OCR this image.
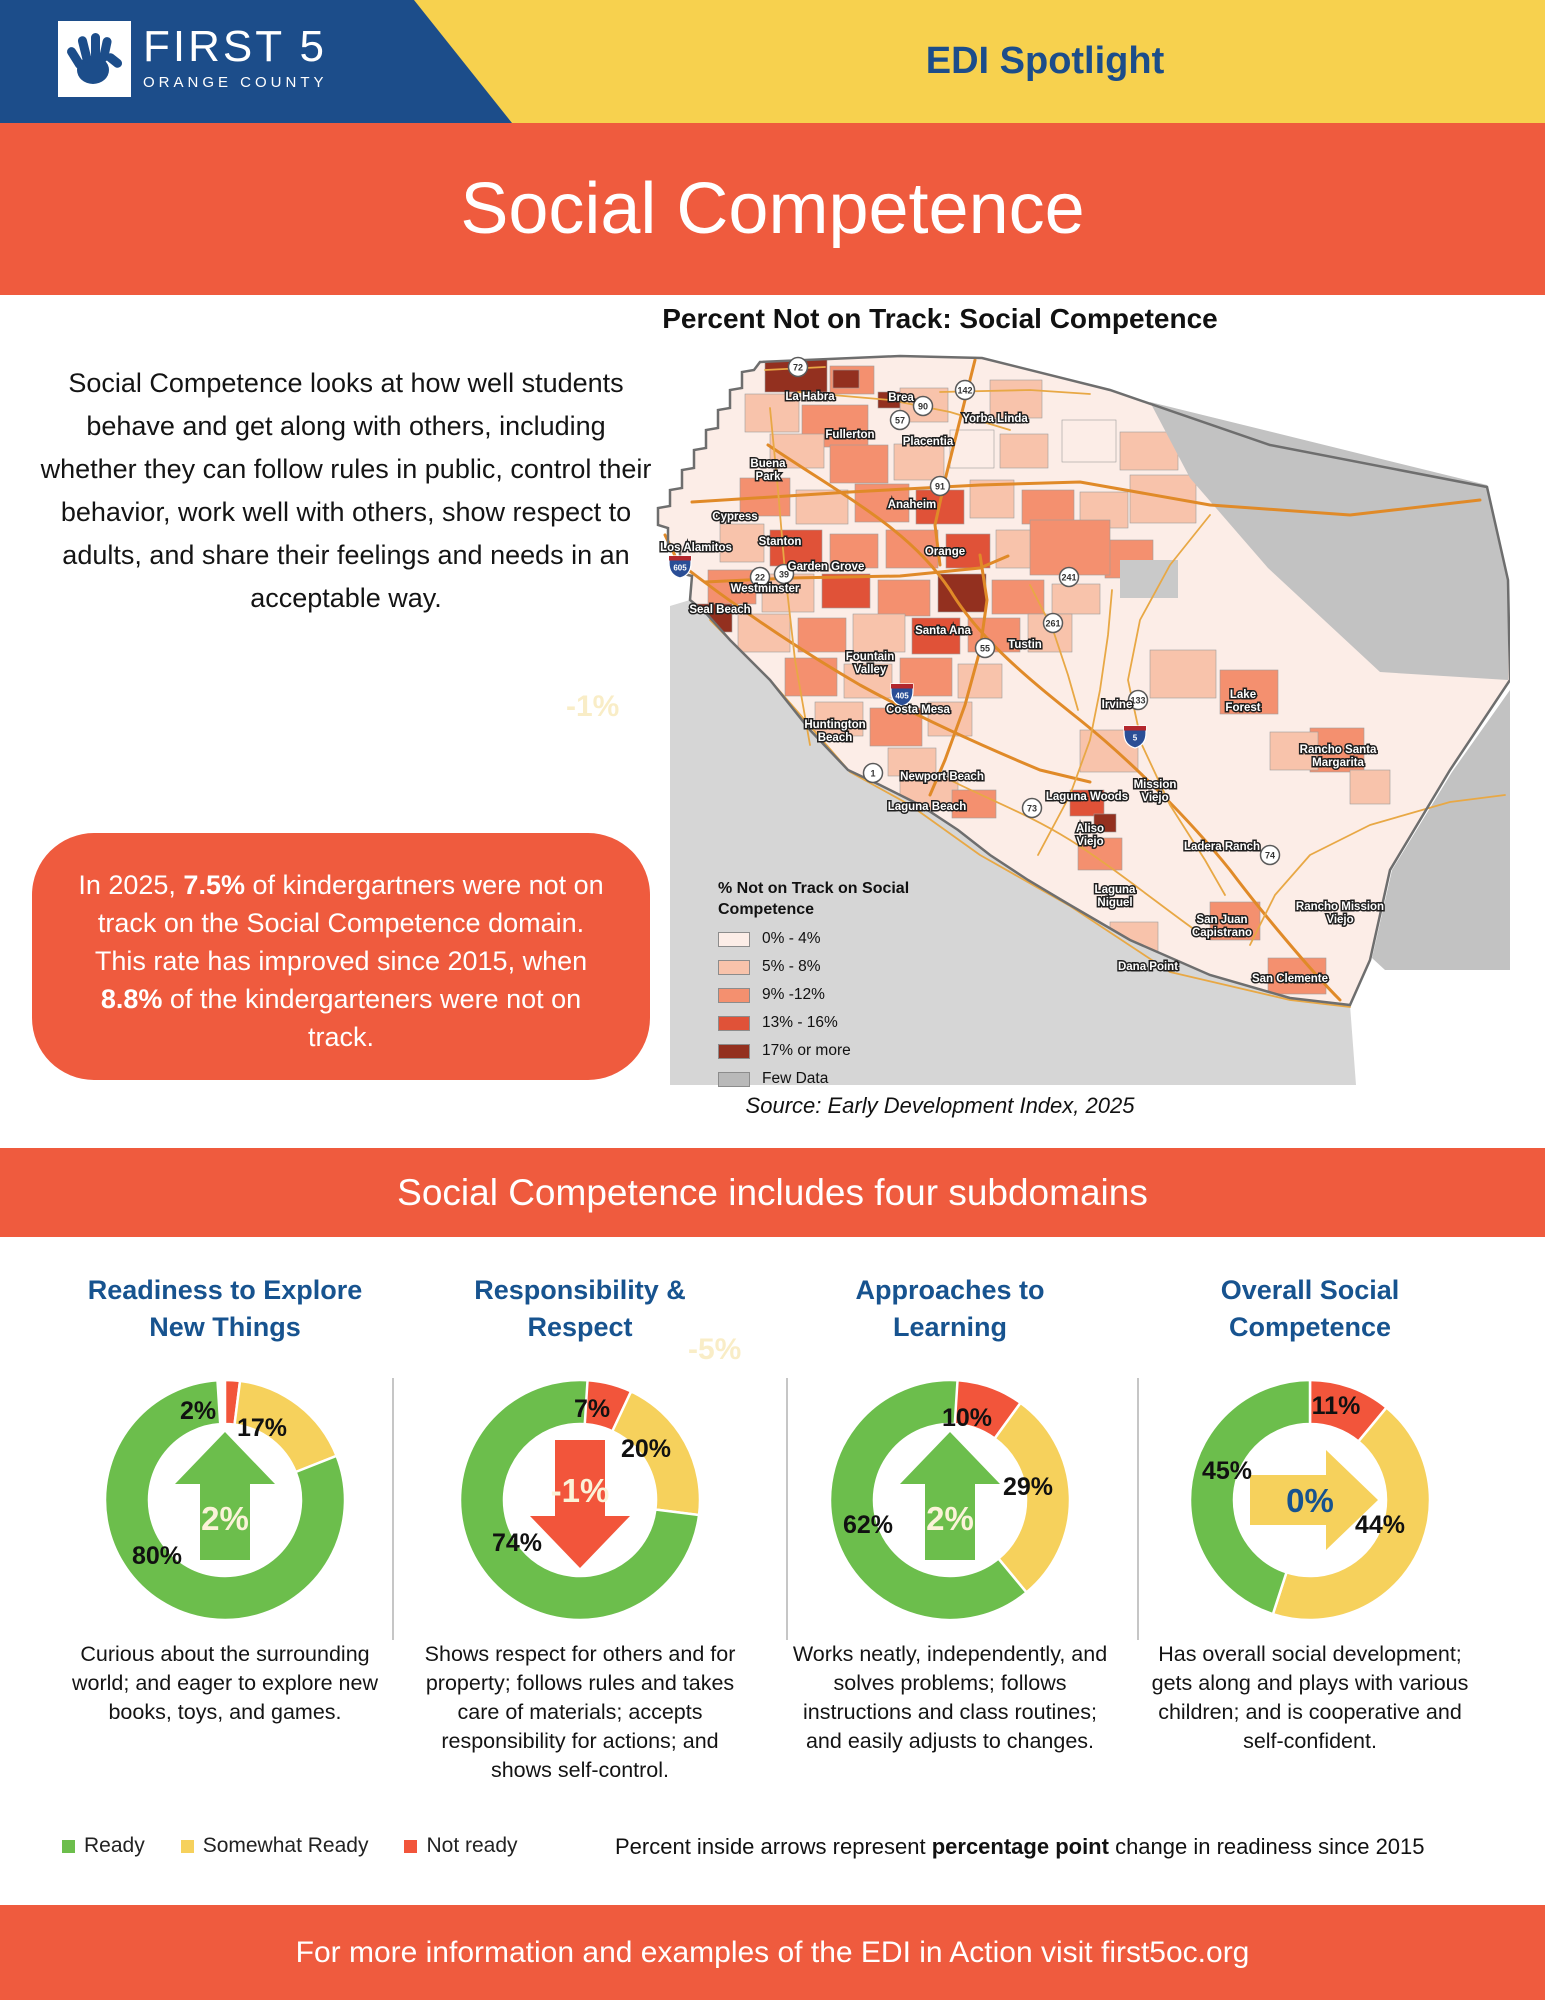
FIRST 5
ORANGE COUNTY
EDI Spotlight
Social Competence
Social Competence looks at how well students behave and get along with others, including whether they can follow rules in public, control their behavior, work well with others, show respect to adults, and share their feelings and needs in an acceptable way.
In 2025, 7.5% of kindergartners were not on track on the Social Competence domain. This rate has improved since 2015, when 8.8% of the kindergarteners were not on track.
Percent Not on Track: Social Competence
72
142
90
57
91
39
22
605
241
261
55
405	133
5
1
73
74
La Habra	Brea
Yorba Linda
Fullerton
Placentia
Buena Park
Anaheim
Cypress
Stanton
Los Alamitos	Orange
Garden Grove
Westminster
Seal Beach
Santa Ana
Fountain Valley
Tustin
Costa Mesa
Huntington Beach
Newport Beach
Irvine
Lake Forest
Rancho Santa Margarita
Mission Viejo
Laguna Woods
Aliso Viejo
Laguna Beach
Ladera Ranch
Laguna Niguel
San Juan Capistrano
Rancho Mission Viejo
Dana Point
San Clemente
% Not on Track on Social Competence
0% - 4%
5% - 8%
9% -12%
13% - 16%
17% or more
Few Data
Source: Early Development Index, 2025
-1%
-5%
Social Competence includes four subdomains
Readiness to Explore
New Things
2%
2%
17%
80%
Curious about the surrounding world; and eager to explore new books, toys, and games.
Responsibility &
Respect
-1%
7%
20%
74%
Shows respect for others and for property; follows rules and takes care of materials; accepts responsibility for actions; and shows self-control.
Approaches to
Learning
2%
10%
29%
62%
Works neatly, independently, and solves problems; follows instructions and class routines; and easily adjusts to changes.
Overall Social
Competence
0%
11%
44%
45%
Has overall social development; gets along and plays with various children; and is cooperative and self-confident.
Ready	Somewhat Ready	Not ready	Percent inside arrows represent percentage point change in readiness since 2015
For more information and examples of the EDI in Action visit first5oc.org
